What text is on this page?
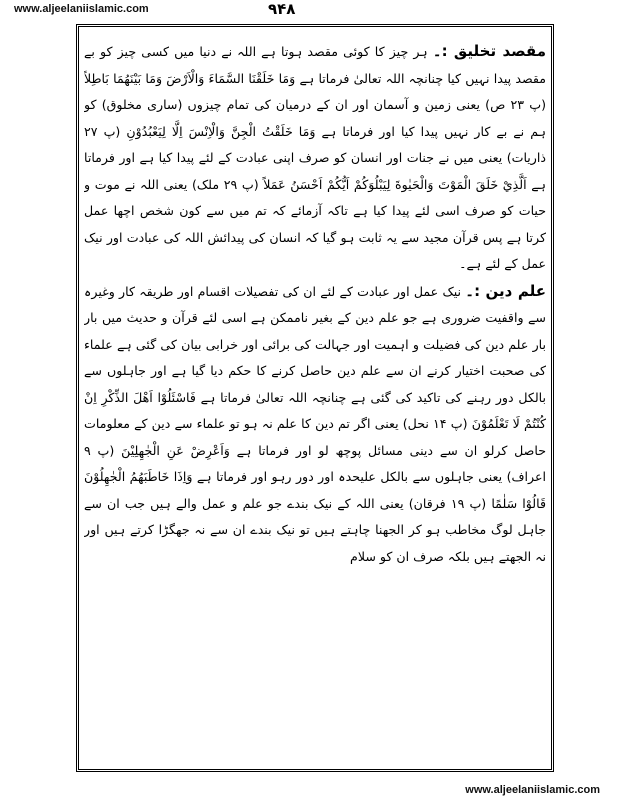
www.aljeelaniislamic.com	۹۴۸

مقصد تخلیق :۔ ہر چیز کا کوئی مقصد ہوتا ہے اللہ نے دنیا میں کسی چیز کو بے مقصد پیدا نہیں کیا چنانچہ اللہ تعالیٰ فرماتا ہے وَمَا خَلَقْنَا السَّمَاءَ وَالْاَرْضَ وَمَا بَيْنَهُمَا بَاطِلاً (پ ۲۳ ص) یعنی زمین و آسمان اور ان کے درمیان کی تمام چیزوں (ساری مخلوق) کو ہم نے بے کار نہیں پیدا کیا اور فرماتا ہے وَمَا خَلَقْتُ الْجِنَّ وَالْاِنْسَ اِلَّا لِيَعْبُدُوْنِ (پ ۲۷ ذاریات) یعنی میں نے جنات اور انسان کو صرف اپنی عبادت کے لئے پیدا کیا ہے اور فرماتا ہے اَلَّذِيْ خَلَقَ الْمَوْتَ وَالْحَيٰوةَ لِيَبْلُوَكُمْ اَيُّكُمْ اَحْسَنُ عَمَلاً (پ ۲۹ ملک) یعنی اللہ نے موت و حیات کو صرف اسی لئے پیدا کیا ہے تاکہ آزمائے کہ تم میں سے کون شخص اچھا عمل کرتا ہے پس قرآن مجید سے یہ ثابت ہو گیا کہ انسان کی پیدائش اللہ کی عبادت اور نیک عمل کے لئے ہے۔

علم دین :۔ نیک عمل اور عبادت کے لئے ان کی تفصیلات اقسام اور طریقہ کار وغیرہ سے واقفیت ضروری ہے جو علم دین کے بغیر ناممکن ہے اسی لئے قرآن و حدیث میں بار بار علم دین کی فضیلت و اہمیت اور جہالت کی برائی اور خرابی بیان کی گئی ہے علماء کی صحبت اختیار کرنے ان سے علم دین حاصل کرنے کا حکم دیا گیا ہے اور جاہلوں سے بالکل دور رہنے کی تاکید کی گئی ہے چنانچہ اللہ تعالیٰ فرماتا ہے فَاسْئَلُوْا اَهْلَ الذِّكْرِ اِنْ كُنْتُمْ لَا تَعْلَمُوْنَ (پ ۱۴ نحل) یعنی اگر تم دین کا علم نہ ہو تو علماء سے دین کے معلومات حاصل کرلو ان سے دینی مسائل پوچھ لو اور فرماتا ہے وَاَعْرِضْ عَنِ الْجٰهِلِيْنَ (پ ۹ اعراف) یعنی جاہلوں سے بالکل علیحدہ اور دور رہو اور فرماتا ہے وَاِذَا خَاطَبَهُمُ الْجٰهِلُوْنَ قَالُوْا سَلٰمًا (پ ۱۹ فرقان) یعنی اللہ کے نیک بندے جو علم و عمل والے ہیں جب ان سے جاہل لوگ مخاطب ہو کر الجھنا چاہتے ہیں تو نیک بندے ان سے نہ جھگڑا کرتے ہیں اور نہ الجھتے ہیں بلکہ صرف ان کو سلام

www.aljeelaniislamic.com
